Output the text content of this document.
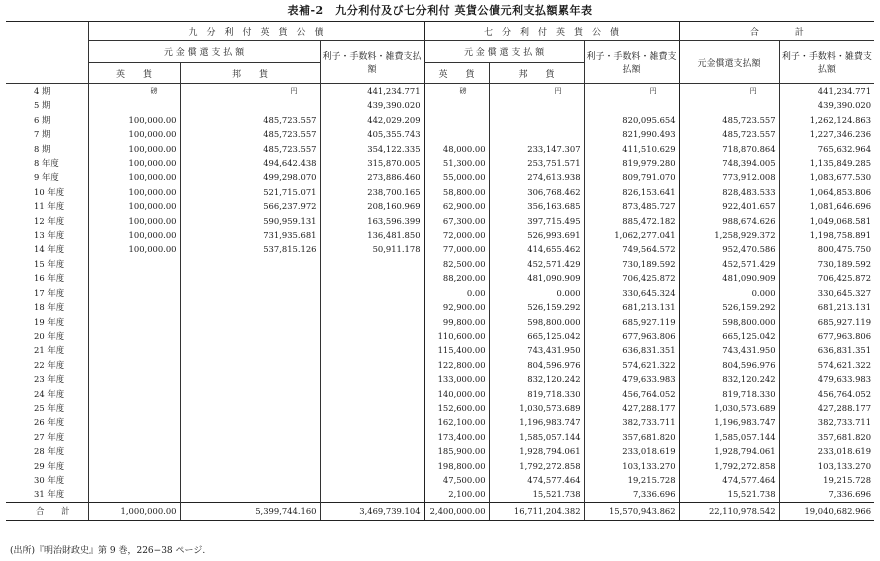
表補-2　九分利付及び七分利付 英貨公債元利支払額累年表
	九　分　利　付　英　貨　公　債			七　分　利　付　英　貨　公　債			合　　　　計	
	元 金 償 還 支 払 額		利子・手数料・雑費支払額	元 金 償 還 支 払 額		利子・手数料・雑費支払額	元金償還支払額	利子・手数料・雑費支払額
	英　　貨	邦　　貨		英　　貨	邦　　貨			
4 期	磅	円	441,234.771	磅	円	円	円	441,234.771
5 期			439,390.020					439,390.020
6 期	100,000.00	485,723.557	442,029.209			820,095.654	485,723.557	1,262,124.863
7 期	100,000.00	485,723.557	405,355.743			821,990.493	485,723.557	1,227,346.236
8 期	100,000.00	485,723.557	354,122.335	48,000.00	233,147.307	411,510.629	718,870.864	765,632.964
8 年度	100,000.00	494,642.438	315,870.005	51,300.00	253,751.571	819,979.280	748,394.005	1,135,849.285
9 年度	100,000.00	499,298.070	273,886.460	55,000.00	274,613.938	809,791.070	773,912.008	1,083,677.530
10 年度	100,000.00	521,715.071	238,700.165	58,800.00	306,768.462	826,153.641	828,483.533	1,064,853.806
11 年度	100,000.00	566,237.972	208,160.969	62,900.00	356,163.685	873,485.727	922,401.657	1,081,646.696
12 年度	100,000.00	590,959.131	163,596.399	67,300.00	397,715.495	885,472.182	988,674.626	1,049,068.581
13 年度	100,000.00	731,935.681	136,481.850	72,000.00	526,993.691	1,062,277.041	1,258,929.372	1,198,758.891
14 年度	100,000.00	537,815.126	50,911.178	77,000.00	414,655.462	749,564.572	952,470.586	800,475.750
15 年度				82,500.00	452,571.429	730,189.592	452,571.429	730,189.592
16 年度				88,200.00	481,090.909	706,425.872	481,090.909	706,425.872
17 年度				0.00	0.000	330,645.324	0.000	330,645.327
18 年度				92,900.00	526,159.292	681,213.131	526,159.292	681,213.131
19 年度				99,800.00	598,800.000	685,927.119	598,800.000	685,927.119
20 年度				110,600.00	665,125.042	677,963.806	665,125.042	677,963.806
21 年度				115,400.00	743,431.950	636,831.351	743,431.950	636,831.351
22 年度				122,800.00	804,596.976	574,621.322	804,596.976	574,621.322
23 年度				133,000.00	832,120.242	479,633.983	832,120.242	479,633.983
24 年度				140,000.00	819,718.330	456,764.052	819,718.330	456,764.052
25 年度				152,600.00	1,030,573.689	427,288.177	1,030,573.689	427,288.177
26 年度				162,100.00	1,196,983.747	382,733.711	1,196,983.747	382,733.711
27 年度				173,400.00	1,585,057.144	357,681.820	1,585,057.144	357,681.820
28 年度				185,900.00	1,928,794.061	233,018.619	1,928,794.061	233,018.619
29 年度				198,800.00	1,792,272.858	103,133.270	1,792,272.858	103,133.270
30 年度				47,500.00	474,577.464	19,215.728	474,577.464	19,215.728
31 年度				2,100.00	15,521.738	7,336.696	15,521.738	7,336.696
合　　計	1,000,000.00	5,399,744.160	3,469,739.104	2,400,000.00	16,711,204.382	15,570,943.862	22,110,978.542	19,040,682.966
(出所)『明治財政史』第 9 巻，226−38 ページ.
